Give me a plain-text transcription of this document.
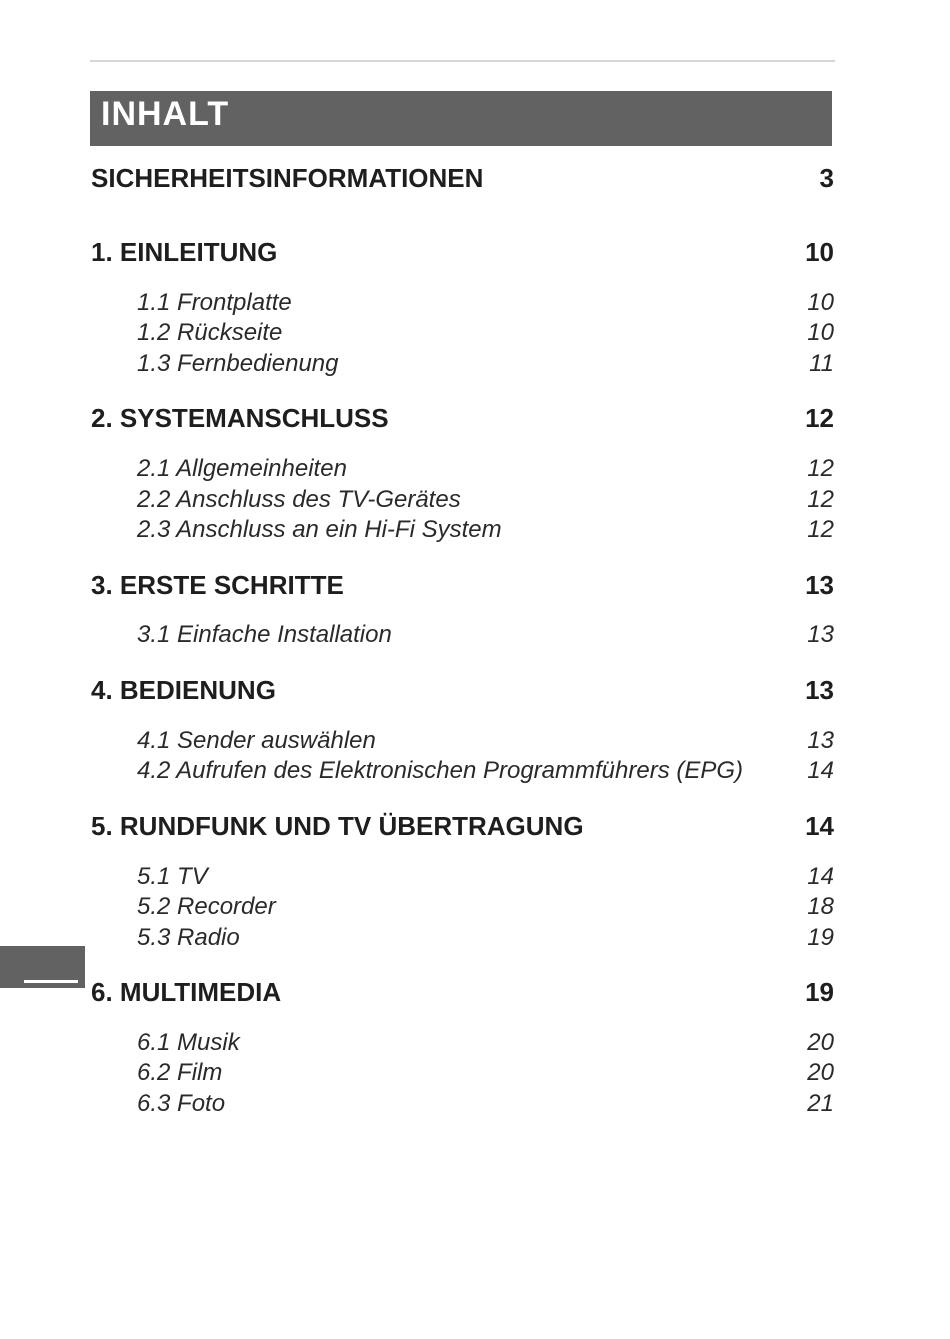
INHALT
SICHERHEITSINFORMATIONEN	3
1. EINLEITUNG	10
1.1 Frontplatte	10
1.2 Rückseite	10
1.3 Fernbedienung	11
2. SYSTEMANSCHLUSS	12
2.1 Allgemeinheiten	12
2.2 Anschluss des TV-Gerätes	12
2.3 Anschluss an ein Hi-Fi System	12
3. ERSTE SCHRITTE	13
3.1 Einfache Installation	13
4. BEDIENUNG	13
4.1 Sender auswählen	13
4.2 Aufrufen des Elektronischen Programmführers (EPG)	14
5. RUNDFUNK UND TV ÜBERTRAGUNG	14
5.1 TV	14
5.2 Recorder	18
5.3 Radio	19
6. MULTIMEDIA	19
6.1 Musik	20
6.2 Film	20
6.3 Foto	21
